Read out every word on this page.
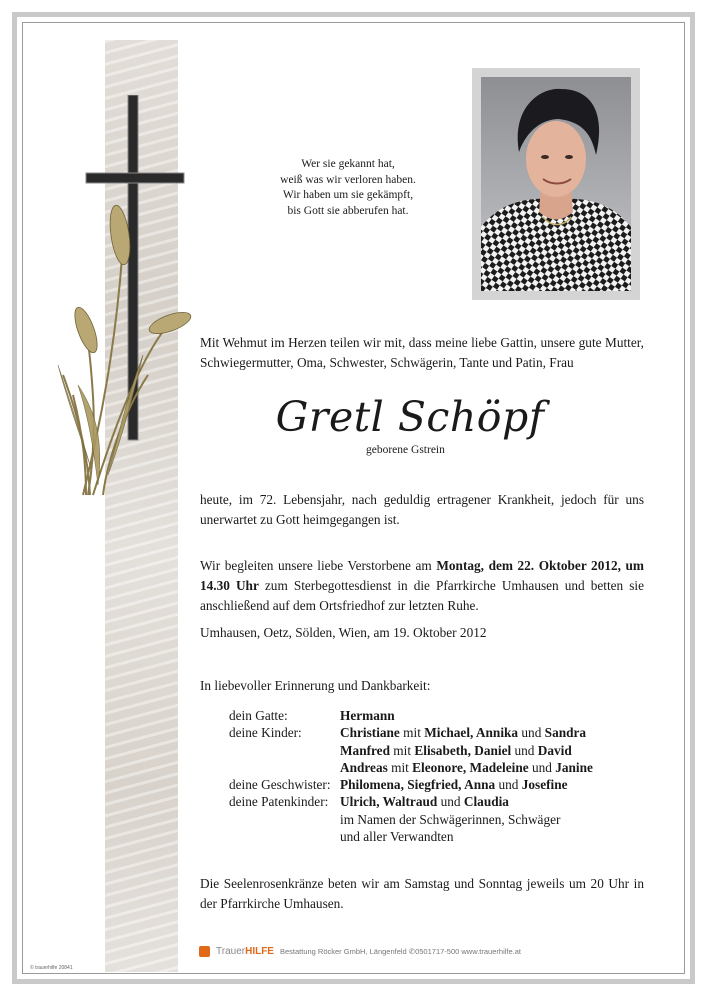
Wer sie gekannt hat,
weiß was wir verloren haben.
Wir haben um sie gekämpft,
bis Gott sie abberufen hat.
Mit Wehmut im Herzen teilen wir mit, dass meine liebe Gattin, unsere gute Mutter, Schwiegermutter, Oma, Schwester, Schwägerin, Tante und Patin, Frau
Gretl Schöpf
geborene Gstrein
heute, im 72. Lebensjahr, nach geduldig ertragener Krankheit, jedoch für uns unerwartet zu Gott heimgegangen ist.
Wir begleiten unsere liebe Verstorbene am Montag, dem 22. Oktober 2012, um 14.30 Uhr zum Sterbegottesdienst in die Pfarrkirche Umhausen und betten sie anschließend auf dem Ortsfriedhof zur letzten Ruhe.
Umhausen, Oetz, Sölden, Wien, am 19. Oktober 2012
In liebevoller Erinnerung und Dankbarkeit:
dein Gatte:	Hermann
deine Kinder:	Christiane mit Michael, Annika und Sandra
Manfred mit Elisabeth, Daniel und David
Andreas mit Eleonore, Madeleine und Janine
deine Geschwister: Philomena, Siegfried, Anna und Josefine
deine Patenkinder: Ulrich, Waltraud und Claudia
im Namen der Schwägerinnen, Schwäger
und aller Verwandten
Die Seelenrosenkränze beten wir am Samstag und Sonntag jeweils um 20 Uhr in der Pfarrkirche Umhausen.
TrauerHILFE Bestattung Röcker GmbH, Längenfeld ✆0501717-500 www.trauerhilfe.at
© trauerhilfe 20841
